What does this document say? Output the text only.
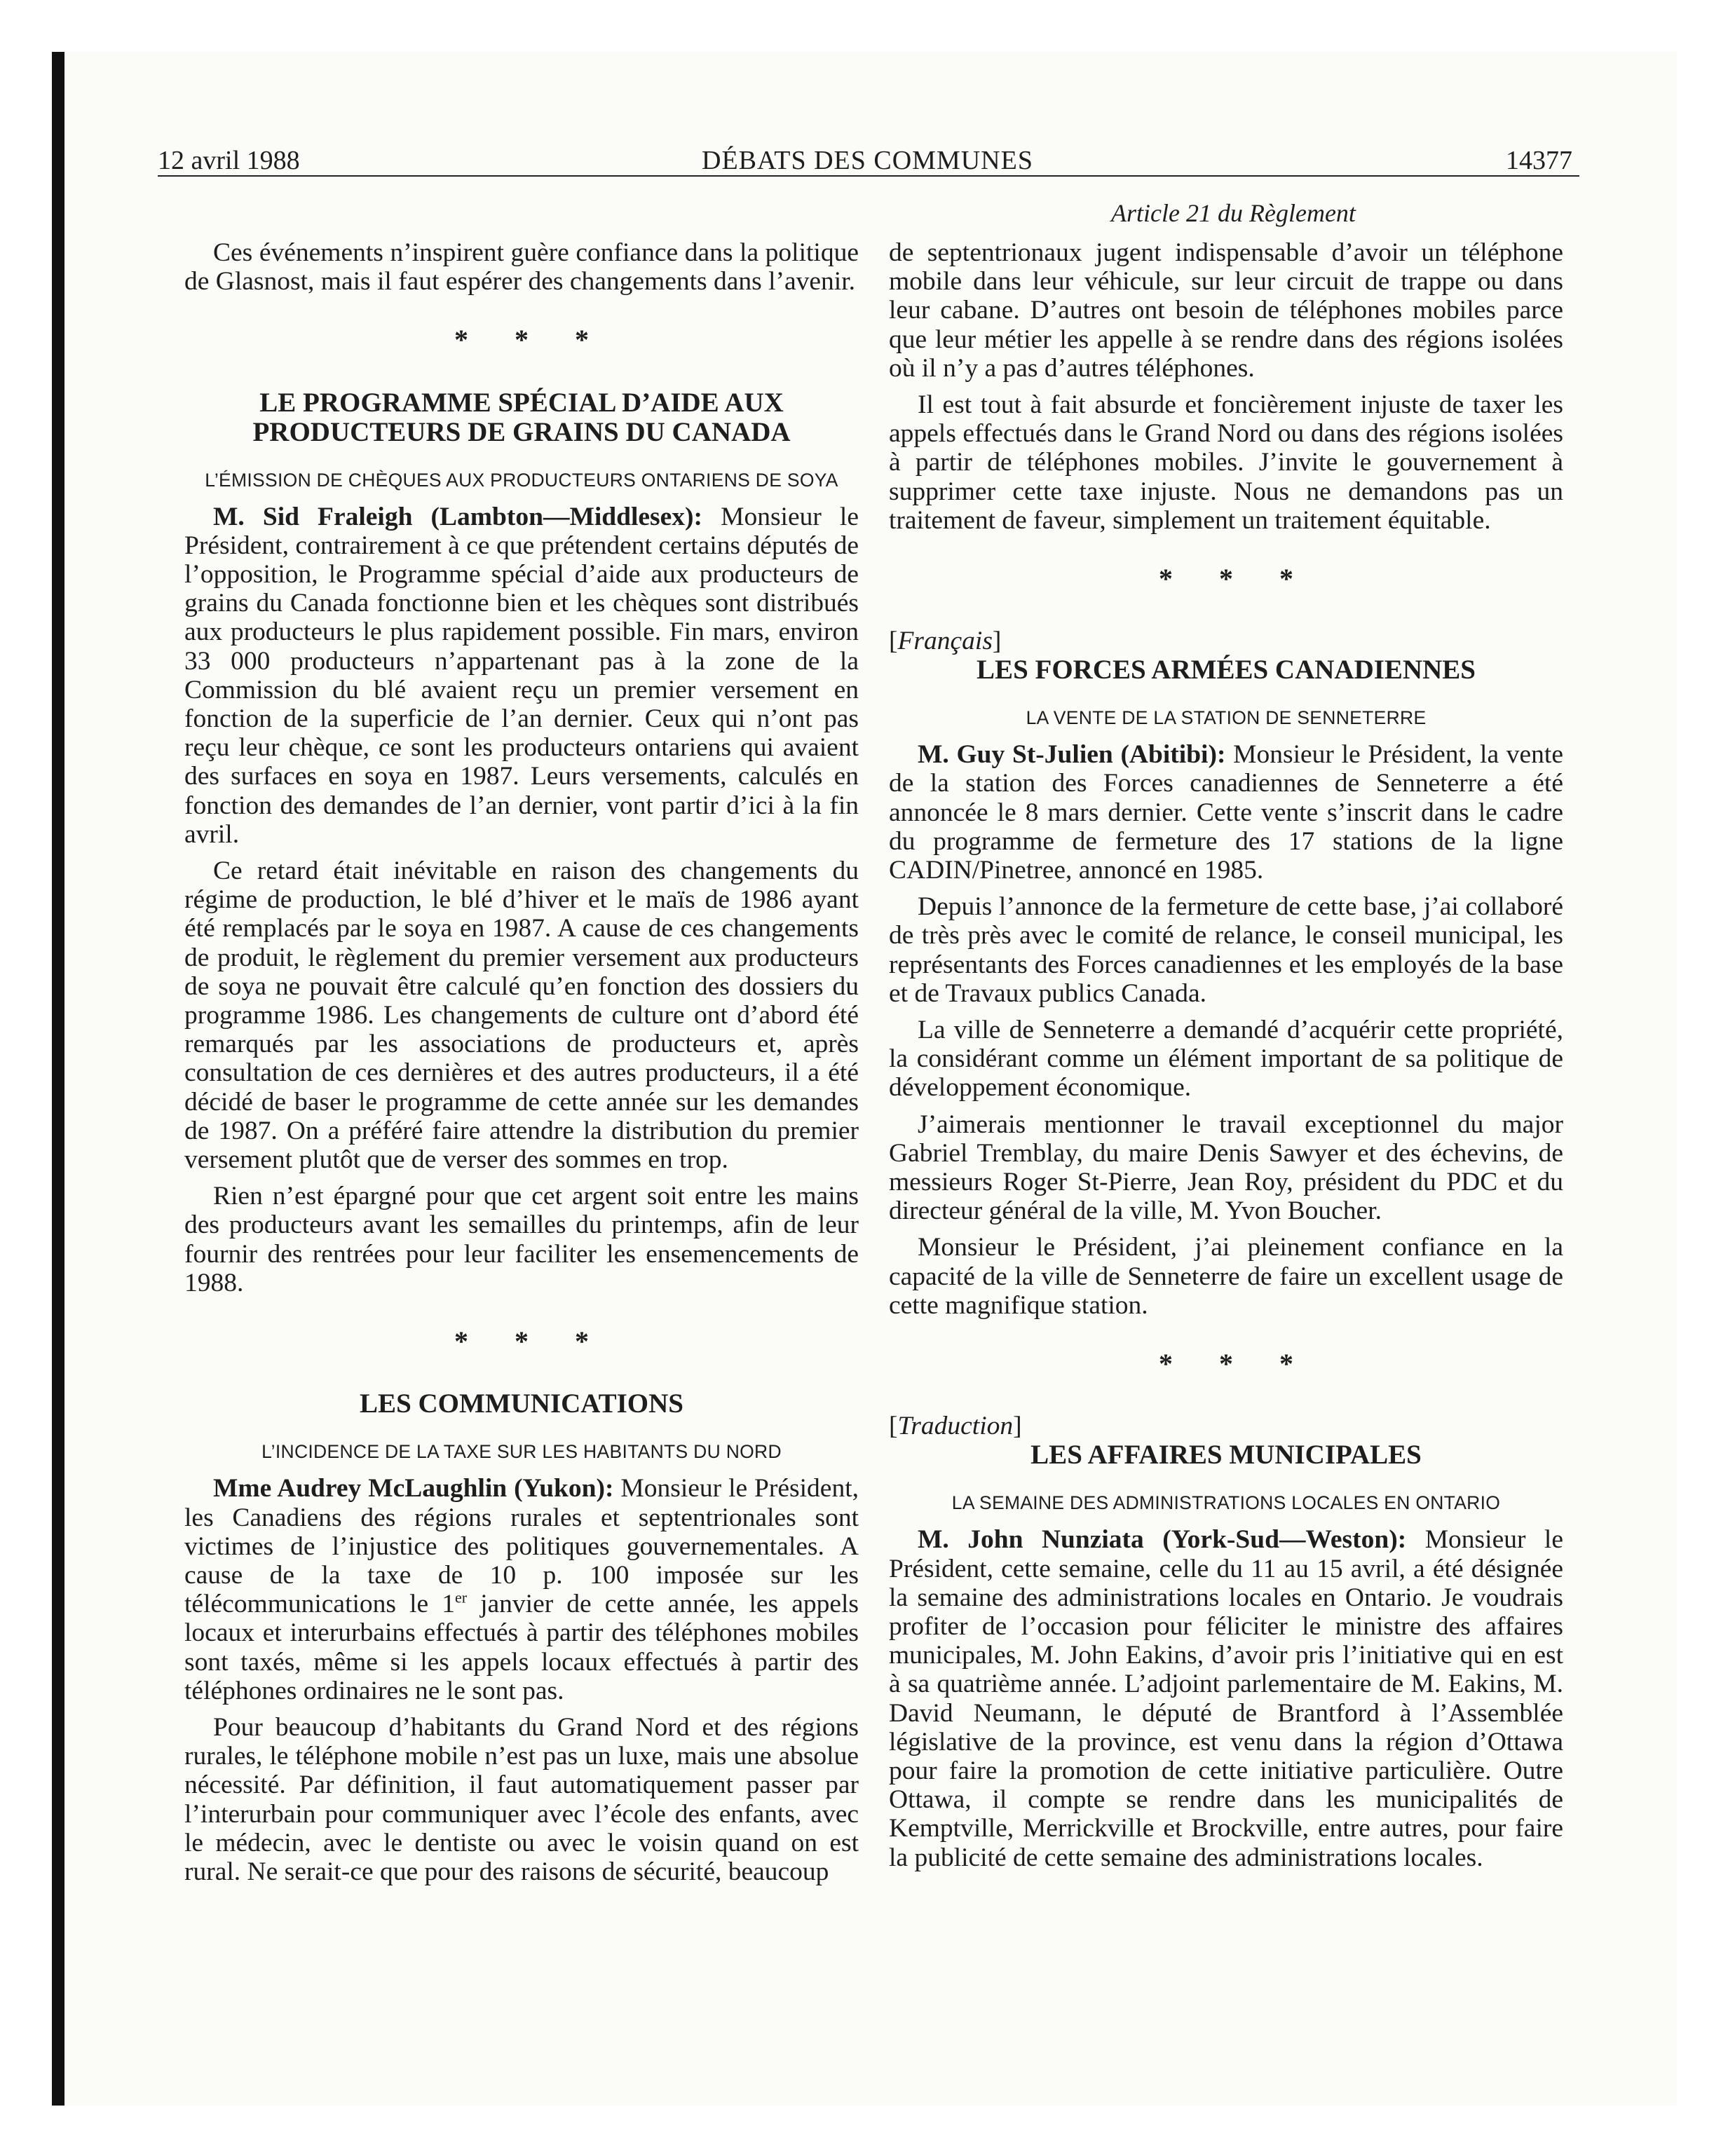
12 avril 1988	DÉBATS DES COMMUNES	14377
Article 21 du Règlement

Ces événements n’inspirent guère confiance dans la politique de Glasnost, mais il faut espérer des changements dans l’avenir.

* * *
LE PROGRAMME SPÉCIAL D’AIDE AUX PRODUCTEURS DE GRAINS DU CANADA
L’ÉMISSION DE CHÈQUES AUX PRODUCTEURS ONTARIENS DE SOYA

M. Sid Fraleigh (Lambton—Middlesex): Monsieur le Président, contrairement à ce que prétendent certains députés de l’opposition, le Programme spécial d’aide aux producteurs de grains du Canada fonctionne bien et les chèques sont distribués aux producteurs le plus rapidement possible. Fin mars, environ 33 000 producteurs n’appartenant pas à la zone de la Commission du blé avaient reçu un premier versement en fonction de la superficie de l’an dernier. Ceux qui n’ont pas reçu leur chèque, ce sont les producteurs ontariens qui avaient des surfaces en soya en 1987. Leurs versements, calculés en fonction des demandes de l’an dernier, vont partir d’ici à la fin avril.

Ce retard était inévitable en raison des changements du régime de production, le blé d’hiver et le maïs de 1986 ayant été remplacés par le soya en 1987. A cause de ces changements de produit, le règlement du premier versement aux producteurs de soya ne pouvait être calculé qu’en fonction des dossiers du programme 1986. Les changements de culture ont d’abord été remarqués par les associations de producteurs et, après consultation de ces dernières et des autres producteurs, il a été décidé de baser le programme de cette année sur les demandes de 1987. On a préféré faire attendre la distribution du premier versement plutôt que de verser des sommes en trop.

Rien n’est épargné pour que cet argent soit entre les mains des producteurs avant les semailles du printemps, afin de leur fournir des rentrées pour leur faciliter les ensemencements de 1988.

* * *
LES COMMUNICATIONS
L’INCIDENCE DE LA TAXE SUR LES HABITANTS DU NORD

Mme Audrey McLaughlin (Yukon): Monsieur le Président, les Canadiens des régions rurales et septentrionales sont victimes de l’injustice des politiques gouvernementales. A cause de la taxe de 10 p. 100 imposée sur les télécommunications le 1er janvier de cette année, les appels locaux et interurbains effectués à partir des téléphones mobiles sont taxés, même si les appels locaux effectués à partir des téléphones ordinaires ne le sont pas.

Pour beaucoup d’habitants du Grand Nord et des régions rurales, le téléphone mobile n’est pas un luxe, mais une absolue nécessité. Par définition, il faut automatiquement passer par l’interurbain pour communiquer avec l’école des enfants, avec le médecin, avec le dentiste ou avec le voisin quand on est rural. Ne serait-ce que pour des raisons de sécurité, beaucoup

de septentrionaux jugent indispensable d’avoir un téléphone mobile dans leur véhicule, sur leur circuit de trappe ou dans leur cabane. D’autres ont besoin de téléphones mobiles parce que leur métier les appelle à se rendre dans des régions isolées où il n’y a pas d’autres téléphones.

Il est tout à fait absurde et foncièrement injuste de taxer les appels effectués dans le Grand Nord ou dans des régions isolées à partir de téléphones mobiles. J’invite le gouvernement à supprimer cette taxe injuste. Nous ne demandons pas un traitement de faveur, simplement un traitement équitable.

* * *
[Français]
LES FORCES ARMÉES CANADIENNES
LA VENTE DE LA STATION DE SENNETERRE

M. Guy St-Julien (Abitibi): Monsieur le Président, la vente de la station des Forces canadiennes de Senneterre a été annoncée le 8 mars dernier. Cette vente s’inscrit dans le cadre du programme de fermeture des 17 stations de la ligne CADIN/Pinetree, annoncé en 1985.

Depuis l’annonce de la fermeture de cette base, j’ai collaboré de très près avec le comité de relance, le conseil municipal, les représentants des Forces canadiennes et les employés de la base et de Travaux publics Canada.

La ville de Senneterre a demandé d’acquérir cette propriété, la considérant comme un élément important de sa politique de développement économique.

J’aimerais mentionner le travail exceptionnel du major Gabriel Tremblay, du maire Denis Sawyer et des échevins, de messieurs Roger St-Pierre, Jean Roy, président du PDC et du directeur général de la ville, M. Yvon Boucher.

Monsieur le Président, j’ai pleinement confiance en la capacité de la ville de Senneterre de faire un excellent usage de cette magnifique station.

* * *
[Traduction]
LES AFFAIRES MUNICIPALES
LA SEMAINE DES ADMINISTRATIONS LOCALES EN ONTARIO

M. John Nunziata (York-Sud—Weston): Monsieur le Président, cette semaine, celle du 11 au 15 avril, a été désignée la semaine des administrations locales en Ontario. Je voudrais profiter de l’occasion pour féliciter le ministre des affaires municipales, M. John Eakins, d’avoir pris l’initiative qui en est à sa quatrième année. L’adjoint parlementaire de M. Eakins, M. David Neumann, le député de Brantford à l’Assemblée législative de la province, est venu dans la région d’Ottawa pour faire la promotion de cette initiative particulière. Outre Ottawa, il compte se rendre dans les municipalités de Kemptville, Merrickville et Brockville, entre autres, pour faire la publicité de cette semaine des administrations locales.
